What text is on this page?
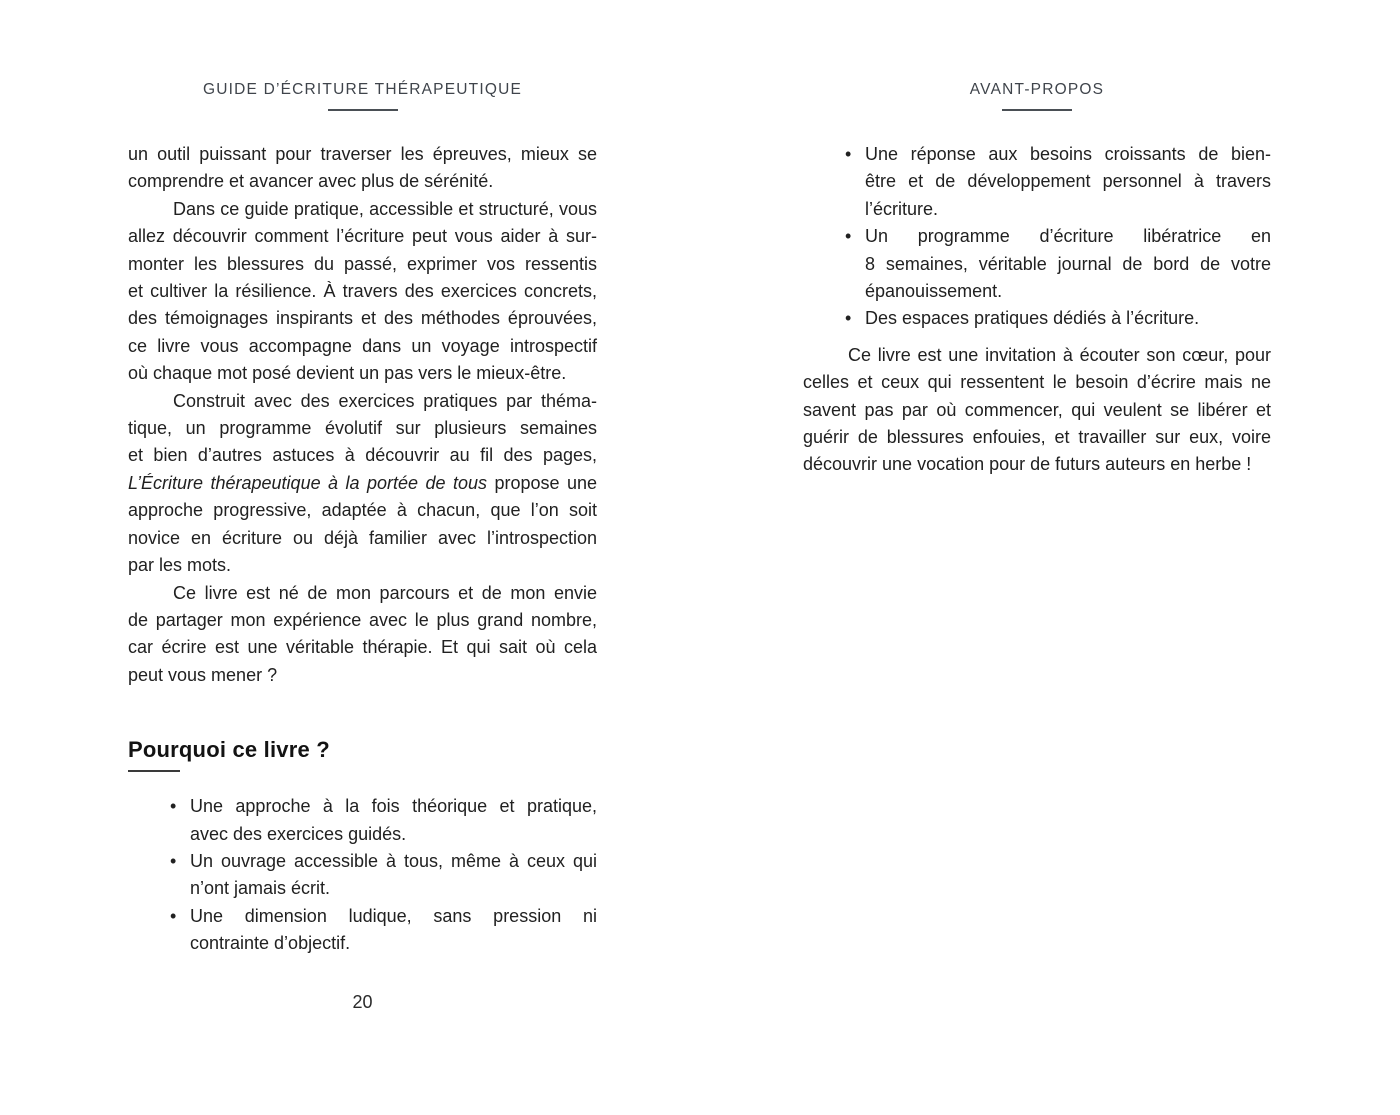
GUIDE D’ÉCRITURE THÉRAPEUTIQUE
un outil puissant pour traverser les épreuves, mieux se
comprendre et avancer avec plus de sérénité.
Dans ce guide pratique, accessible et structuré, vous
allez découvrir comment l’écriture peut vous aider à sur-
monter les blessures du passé, exprimer vos ressentis
et cultiver la résilience. À travers des exercices concrets,
des témoignages inspirants et des méthodes éprouvées,
ce livre vous accompagne dans un voyage introspectif
où chaque mot posé devient un pas vers le mieux-être.
Construit avec des exercices pratiques par théma-
tique, un programme évolutif sur plusieurs semaines
et bien d’autres astuces à découvrir au fil des pages,
L’Écriture thérapeutique à la portée de tous propose une
approche progressive, adaptée à chacun, que l’on soit
novice en écriture ou déjà familier avec l’introspection
par les mots.
Ce livre est né de mon parcours et de mon envie
de partager mon expérience avec le plus grand nombre,
car écrire est une véritable thérapie. Et qui sait où cela
peut vous mener ?
Pourquoi ce livre ?
• Une approche à la fois théorique et pratique,
avec des exercices guidés.
• Un ouvrage accessible à tous, même à ceux qui
n’ont jamais écrit.
• Une dimension ludique, sans pression ni
contrainte d’objectif.
20
AVANT-PROPOS
• Une réponse aux besoins croissants de bien-
être et de développement personnel à travers
l’écriture.
• Un programme d’écriture libératrice en
8 semaines, véritable journal de bord de votre
épanouissement.
• Des espaces pratiques dédiés à l’écriture.
Ce livre est une invitation à écouter son cœur, pour
celles et ceux qui ressentent le besoin d’écrire mais ne
savent pas par où commencer, qui veulent se libérer et
guérir de blessures enfouies, et travailler sur eux, voire
découvrir une vocation pour de futurs auteurs en herbe !
